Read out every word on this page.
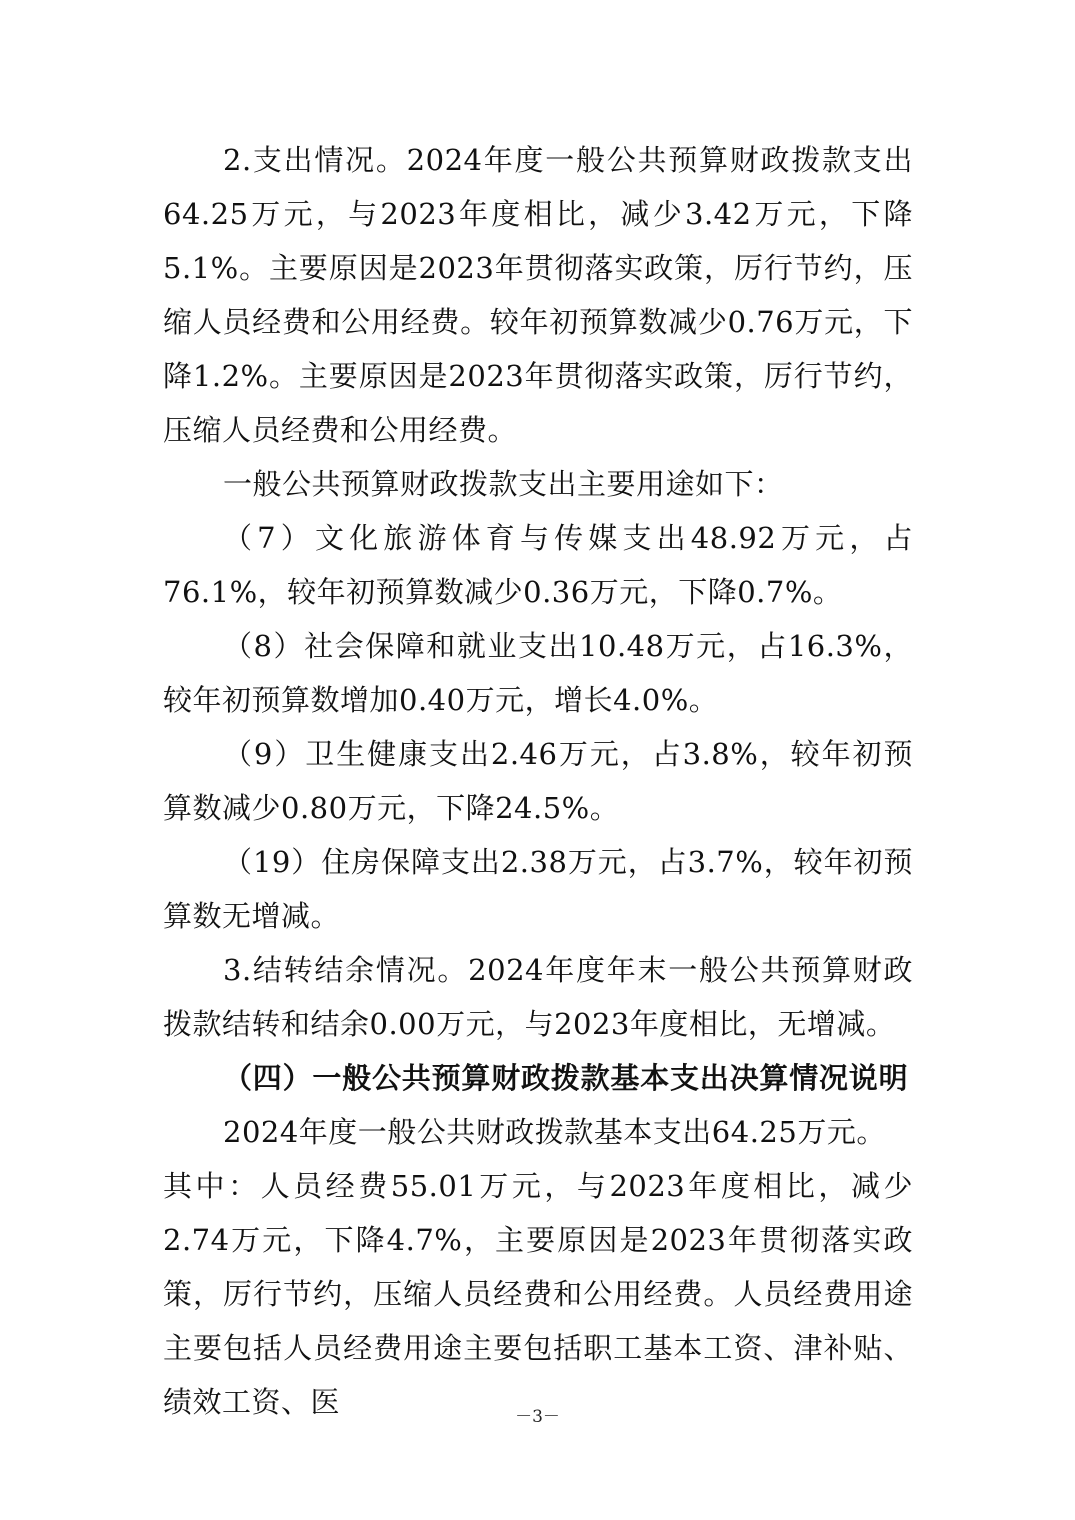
2.支出情况。2024年度一般公共预算财政拨款支出64.25万元，与2023年度相比，减少3.42万元，下降5.1%。主要原因是2023年贯彻落实政策，厉行节约，压缩人员经费和公用经费。较年初预算数减少0.76万元，下降1.2%。主要原因是2023年贯彻落实政策，厉行节约，压缩人员经费和公用经费。

一般公共预算财政拨款支出主要用途如下：

（7）文化旅游体育与传媒支出48.92万元，占76.1%，较年初预算数减少0.36万元，下降0.7%。

（8）社会保障和就业支出10.48万元，占16.3%，较年初预算数增加0.40万元，增长4.0%。

（9）卫生健康支出2.46万元，占3.8%，较年初预算数减少0.80万元，下降24.5%。

（19）住房保障支出2.38万元，占3.7%，较年初预算数无增减。

3.结转结余情况。2024年度年末一般公共预算财政拨款结转和结余0.00万元，与2023年度相比，无增减。

（四）一般公共预算财政拨款基本支出决算情况说明

2024年度一般公共财政拨款基本支出64.25万元。

其中：人员经费55.01万元，与2023年度相比，减少2.74万元，下降4.7%，主要原因是2023年贯彻落实政策，厉行节约，压缩人员经费和公用经费。人员经费用途主要包括人员经费用途主要包括职工基本工资、津补贴、绩效工资、医	－3－
